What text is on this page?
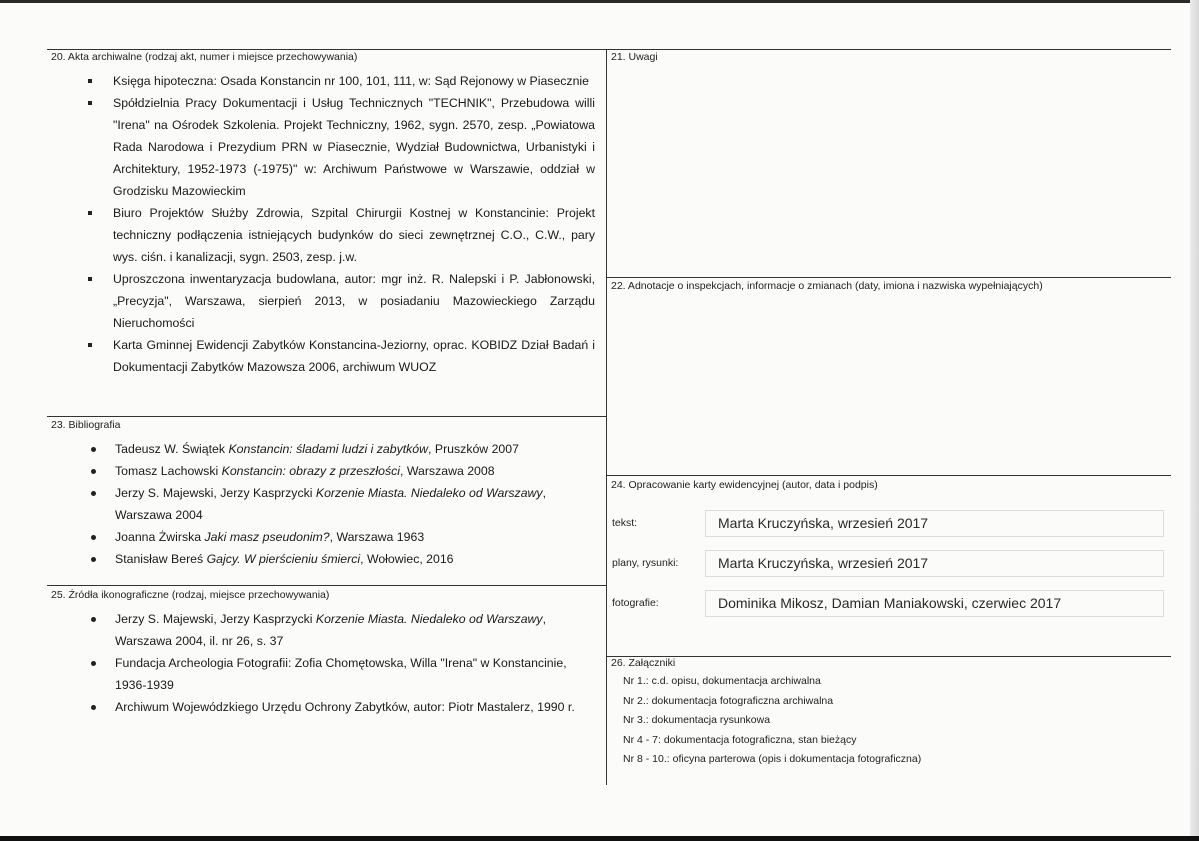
20. Akta archiwalne (rodzaj akt, numer i miejsce przechowywania)
Księga hipoteczna: Osada Konstancin nr 100, 101, 111, w: Sąd Rejonowy w Piasecznie
Spółdzielnia Pracy Dokumentacji i Usług Technicznych "TECHNIK", Przebudowa willi "Irena" na Ośrodek Szkolenia. Projekt Techniczny, 1962, sygn. 2570, zesp. „Powiatowa Rada Narodowa i Prezydium PRN w Piasecznie, Wydział Budownictwa, Urbanistyki i Architektury, 1952-1973 (-1975)" w: Archiwum Państwowe w Warszawie, oddział w Grodzisku Mazowieckim
Biuro Projektów Służby Zdrowia, Szpital Chirurgii Kostnej w Konstancinie: Projekt techniczny podłączenia istniejących budynków do sieci zewnętrznej C.O., C.W., pary wys. ciśn. i kanalizacji, sygn. 2503, zesp. j.w.
Uproszczona inwentaryzacja budowlana, autor: mgr inż. R. Nalepski i P. Jabłonowski, „Precyzja", Warszawa, sierpień 2013, w posiadaniu Mazowieckiego Zarządu Nieruchomości
Karta Gminnej Ewidencji Zabytków Konstancina-Jeziorny, oprac. KOBIDZ Dział Badań i Dokumentacji Zabytków Mazowsza 2006, archiwum WUOZ
21. Uwagi
22. Adnotacje o inspekcjach, informacje o zmianach (daty, imiona i nazwiska wypełniających)
23. Bibliografia
Tadeusz W. Świątek Konstancin: śladami ludzi i zabytków, Pruszków 2007
Tomasz Lachowski Konstancin: obrazy z przeszłości, Warszawa 2008
Jerzy S. Majewski, Jerzy Kasprzycki Korzenie Miasta. Niedaleko od Warszawy, Warszawa 2004
Joanna Żwirska Jaki masz pseudonim?, Warszawa 1963
Stanisław Bereś Gajcy. W pierścieniu śmierci, Wołowiec, 2016
24. Opracowanie karty ewidencyjnej (autor, data i podpis)
tekst:	Marta Kruczyńska, wrzesień 2017
plany, rysunki:	Marta Kruczyńska, wrzesień 2017
fotografie:	Dominika Mikosz, Damian Maniakowski, czerwiec 2017
25. Źródła ikonograficzne (rodzaj, miejsce przechowywania)
Jerzy S. Majewski, Jerzy Kasprzycki Korzenie Miasta. Niedaleko od Warszawy, Warszawa 2004, il. nr 26, s. 37
Fundacja Archeologia Fotografii: Zofia Chomętowska, Willa "Irena" w Konstancinie, 1936-1939
Archiwum Wojewódzkiego Urzędu Ochrony Zabytków, autor: Piotr Mastalerz, 1990 r.
26. Załączniki
Nr 1.: c.d. opisu, dokumentacja archiwalna
Nr 2.: dokumentacja fotograficzna archiwalna
Nr 3.: dokumentacja rysunkowa
Nr 4 - 7: dokumentacja fotograficzna, stan bieżący
Nr 8 - 10.: oficyna parterowa (opis i dokumentacja fotograficzna)
